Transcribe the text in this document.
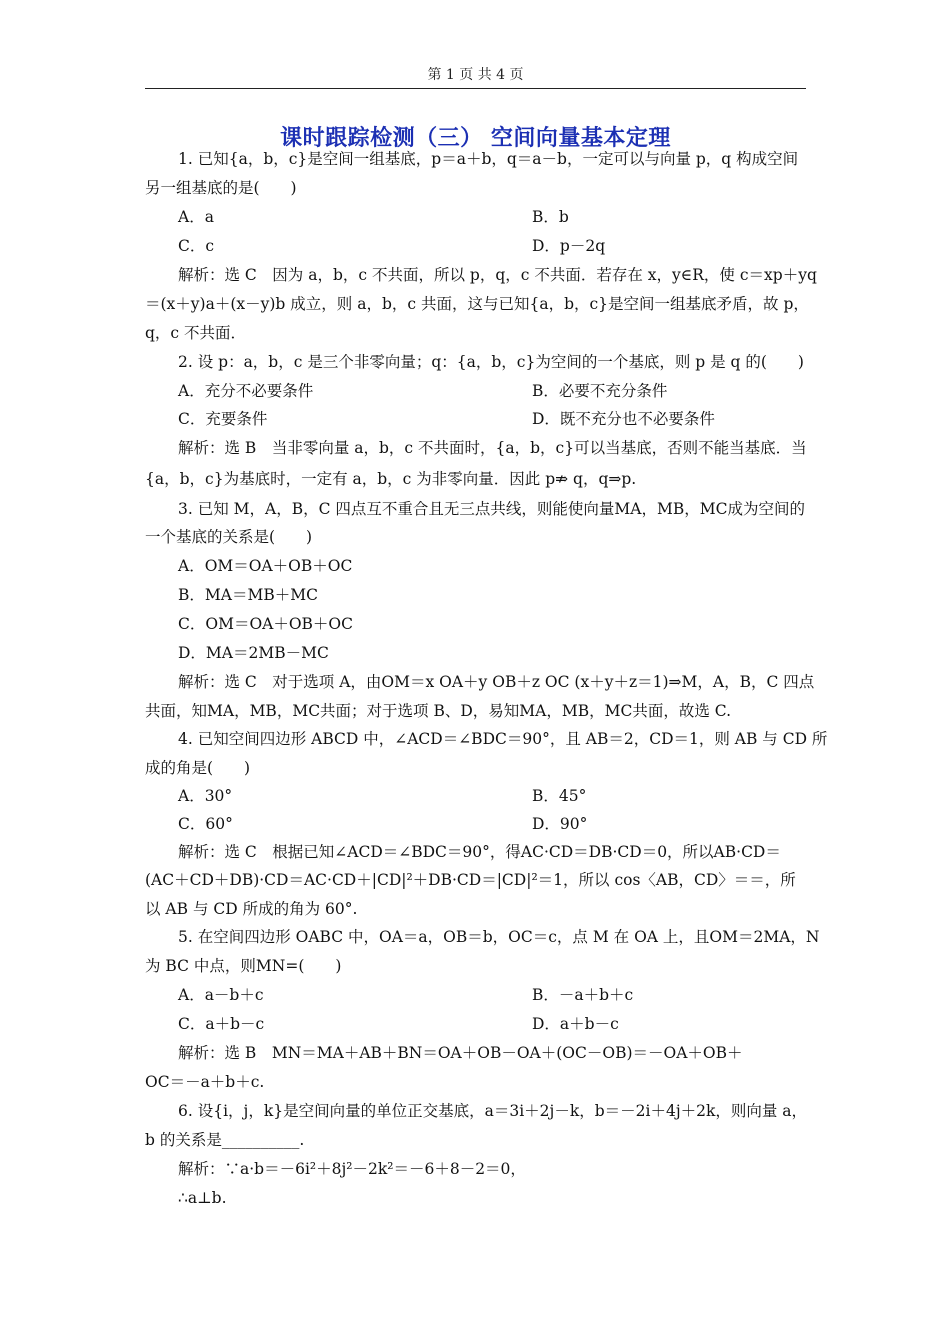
第 1 页 共 4 页
课时跟踪检测（三） 空间向量基本定理
1. 已知{a，b，c}是空间一组基底，p＝a＋b，q＝a－b，一定可以与向量 p，q 构成空间
另一组基底的是(　　)
A．a	B．b
C．c	D．p－2q
解析：选 C　因为 a，b，c 不共面，所以 p，q，c 不共面．若存在 x，y∈R，使 c＝xp＋yq
＝(x＋y)a＋(x－y)b 成立，则 a，b，c 共面，这与已知{a，b，c}是空间一组基底矛盾，故 p，
q，c 不共面．
2. 设 p：a，b，c 是三个非零向量；q：{a，b，c}为空间的一个基底，则 p 是 q 的(　　)
A．充分不必要条件	B．必要不充分条件
C．充要条件	D．既不充分也不必要条件
解析：选 B　当非零向量 a，b，c 不共面时，{a，b，c}可以当基底，否则不能当基底．当
{a，b，c}为基底时，一定有 a，b，c 为非零向量．因此 p⇏ q，q⇒p.
3. 已知 M，A，B，C 四点互不重合且无三点共线，则能使向量MA，MB，MC成为空间的
一个基底的关系是(　　)
A．OM＝OA＋OB＋OC
B．MA＝MB＋MC
C．OM＝OA＋OB＋OC
D．MA＝2MB－MC
解析：选 C　对于选项 A，由OM＝x OA＋y OB＋z OC (x＋y＋z＝1)⇒M，A，B，C 四点
共面，知MA，MB，MC共面；对于选项 B、D，易知MA，MB，MC共面，故选 C.
4. 已知空间四边形 ABCD 中，∠ACD＝∠BDC＝90°，且 AB＝2，CD＝1，则 AB 与 CD 所
成的角是(　　)
A．30°	B．45°
C．60°	D．90°
解析：选 C　根据已知∠ACD＝∠BDC＝90°，得AC·CD＝DB·CD＝0，所以AB·CD＝
(AC＋CD＋DB)·CD＝AC·CD＋|CD|²＋DB·CD＝|CD|²＝1，所以 cos〈AB，CD〉＝＝，所
以 AB 与 CD 所成的角为 60°.
5. 在空间四边形 OABC 中，OA＝a，OB＝b，OC＝c，点 M 在 OA 上，且OM＝2MA，N
为 BC 中点，则MN=(　　)
A．a－b＋c	B．－a＋b＋c
C．a＋b－c	D．a＋b－c
解析：选 B　MN＝MA＋AB＋BN＝OA＋OB－OA＋(OC－OB)＝－OA＋OB＋
OC＝－a＋b＋c.
6. 设{i，j，k}是空间向量的单位正交基底，a＝3i＋2j－k，b＝－2i＋4j＋2k，则向量 a，
b 的关系是__________.
解析：∵a·b＝－6i²＋8j²－2k²＝－6＋8－2＝0，
∴a⊥b.
